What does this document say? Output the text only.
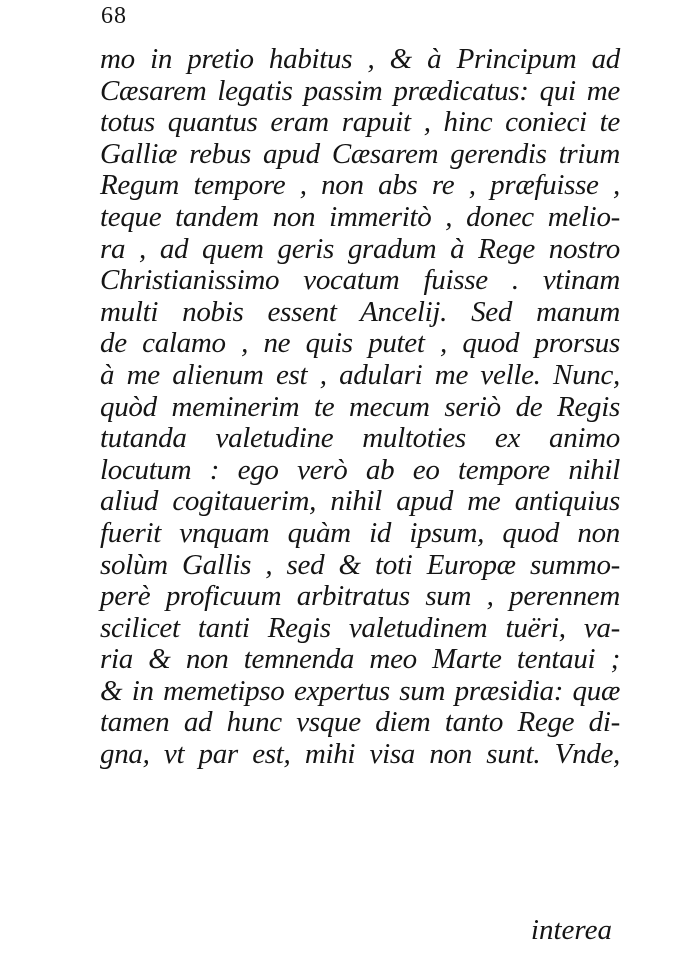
68
mo in pretio habitus , & à Principum ad
Cæsarem legatis passim prædicatus: qui me
totus quantus eram rapuit , hinc conieci te
Galliæ rebus apud Cæsarem gerendis trium
Regum tempore , non abs re , præfuisse ,
teque tandem non immeritò , donec melio-
ra , ad quem geris gradum à Rege nostro
Christianissimo vocatum fuisse . vtinam
multi nobis essent Ancelij. Sed manum
de calamo , ne quis putet , quod prorsus
à me alienum est , adulari me velle. Nunc,
quòd meminerim te mecum seriò de Regis
tutanda valetudine multoties ex animo
locutum : ego verò ab eo tempore nihil
aliud cogitauerim, nihil apud me antiquius
fuerit vnquam quàm id ipsum, quod non
solùm Gallis , sed & toti Europæ summo-
perè proficuum arbitratus sum , perennem
scilicet tanti Regis valetudinem tuëri, va-
ria & non temnenda meo Marte tentaui ;
& in memetipso expertus sum præsidia: quæ
tamen ad hunc vsque diem tanto Rege di-
gna, vt par est, mihi visa non sunt. Vnde,
interea
